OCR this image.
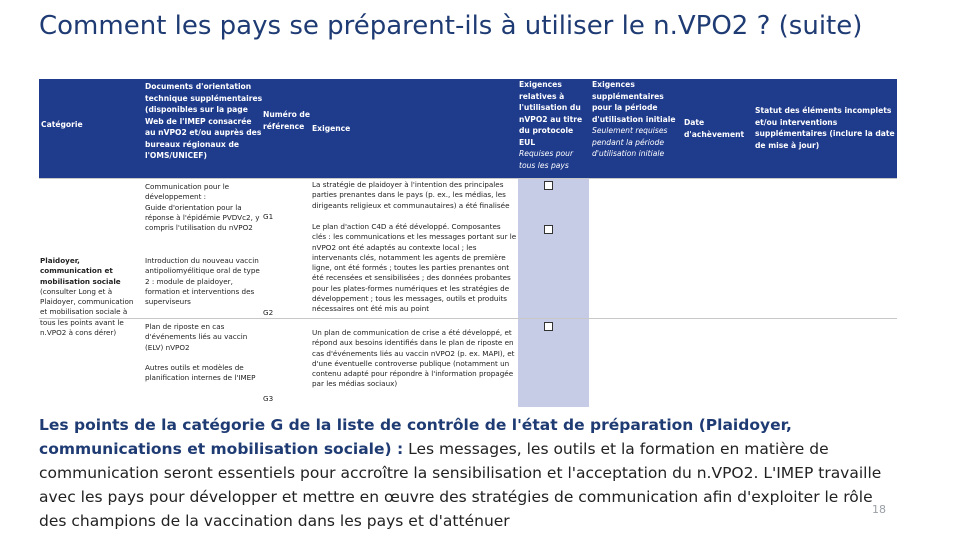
Comment les pays se préparent-ils à utiliser le n.VPO2 ? (suite)

Catégorie

Documents d'orientation technique supplémentaires (disponibles sur la page Web de l'IMEP consacrée au nVPO2 et/ou auprès des bureaux régionaux de l'OMS/UNICEF)

Numéro de référence	Exigence

Exigences relatives à l'utilisation du nVPO2 au titre du protocole EUL

Requises pour tous les pays

Exigences supplémentaires pour la période d'utilisation initiale

Seulement requises pendant la période d'utilisation initiale

Date d'achèvement

Statut des éléments incomplets et/ou interventions supplémentaires (inclure la date de mise à jour)

Plaidoyer, communication et mobilisation sociale

(consulter Long et à Plaidoyer, communication et mobilisation sociale à tous les points avant le n.VPO2 à cons dérer)

Communication pour le développement :
Guide d'orientation pour la réponse à l'épidémie PVDVc2, y compris l'utilisation du nVPO2

Introduction du nouveau vaccin antipoliomyélitique oral de type 2 : module de plaidoyer, formation et interventions des superviseurs

Plan de riposte en cas d'événements liés au vaccin (ELV) nVPO2

Autres outils et modèles de planification internes de l'IMEP

G1

G2

G3

La stratégie de plaidoyer à l'intention des principales parties prenantes dans le pays (p. ex., les médias, les dirigeants religieux et communautaires) a été finalisée

Le plan d'action C4D a été développé. Composantes clés : les communications et les messages portant sur le nVPO2 ont été adaptés au contexte local ; les intervenants clés, notamment les agents de première ligne, ont été formés ; toutes les parties prenantes ont été recensées et sensibilisées ; des données probantes pour les plates-formes numériques et les stratégies de développement ; tous les messages, outils et produits nécessaires ont été mis au point

Un plan de communication de crise a été développé, et répond aux besoins identifiés dans le plan de riposte en cas d'événements liés au vaccin nVPO2 (p. ex. MAPI), et d'une éventuelle controverse publique (notamment un contenu adapté pour répondre à l'information propagée par les médias sociaux)

Les points de la catégorie G de la liste de contrôle de l'état de préparation (Plaidoyer, communications et mobilisation sociale) : Les messages, les outils et la formation en matière de communication seront essentiels pour accroître la sensibilisation et l'acceptation du n.VPO2. L'IMEP travaille avec les pays pour développer et mettre en œuvre des stratégies de communication afin d'exploiter le rôle des champions de la vaccination dans les pays et d'atténuer

18
